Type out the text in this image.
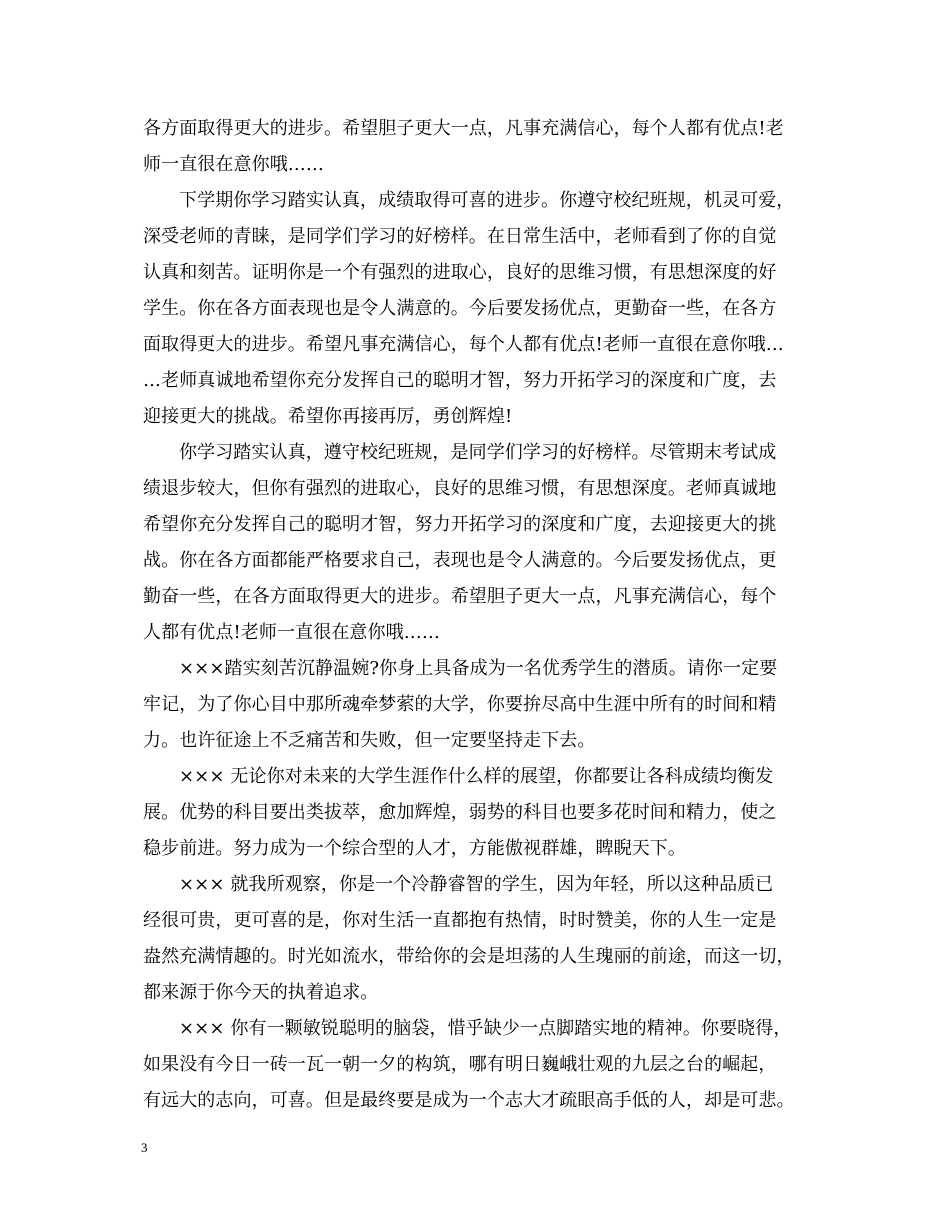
各方面取得更大的进步。希望胆子更大一点，凡事充满信心，每个人都有优点!老
师一直很在意你哦……
下学期你学习踏实认真，成绩取得可喜的进步。你遵守校纪班规，机灵可爱，
深受老师的青睐，是同学们学习的好榜样。在日常生活中，老师看到了你的自觉
认真和刻苦。证明你是一个有强烈的进取心，良好的思维习惯，有思想深度的好
学生。你在各方面表现也是令人满意的。今后要发扬优点，更勤奋一些，在各方
面取得更大的进步。希望凡事充满信心，每个人都有优点!老师一直很在意你哦…
…老师真诚地希望你充分发挥自己的聪明才智，努力开拓学习的深度和广度，去
迎接更大的挑战。希望你再接再厉，勇创辉煌!
你学习踏实认真，遵守校纪班规，是同学们学习的好榜样。尽管期末考试成
绩退步较大，但你有强烈的进取心，良好的思维习惯，有思想深度。老师真诚地
希望你充分发挥自己的聪明才智，努力开拓学习的深度和广度，去迎接更大的挑
战。你在各方面都能严格要求自己，表现也是令人满意的。今后要发扬优点，更
勤奋一些，在各方面取得更大的进步。希望胆子更大一点，凡事充满信心，每个
人都有优点!老师一直很在意你哦……
×××踏实刻苦沉静温婉?你身上具备成为一名优秀学生的潜质。请你一定要
牢记，为了你心目中那所魂牵梦萦的大学，你要拚尽高中生涯中所有的时间和精
力。也许征途上不乏痛苦和失败，但一定要坚持走下去。
××× 无论你对未来的大学生涯作什么样的展望，你都要让各科成绩均衡发
展。优势的科目要出类拔萃，愈加辉煌，弱势的科目也要多花时间和精力，使之
稳步前进。努力成为一个综合型的人才，方能傲视群雄，睥睨天下。
××× 就我所观察，你是一个冷静睿智的学生，因为年轻，所以这种品质已
经很可贵，更可喜的是，你对生活一直都抱有热情，时时赞美，你的人生一定是
盎然充满情趣的。时光如流水，带给你的会是坦荡的人生瑰丽的前途，而这一切，
都来源于你今天的执着追求。
××× 你有一颗敏锐聪明的脑袋，惜乎缺少一点脚踏实地的精神。你要晓得，
如果没有今日一砖一瓦一朝一夕的构筑，哪有明日巍峨壮观的九层之台的崛起，
有远大的志向，可喜。但是最终要是成为一个志大才疏眼高手低的人，却是可悲。
3
